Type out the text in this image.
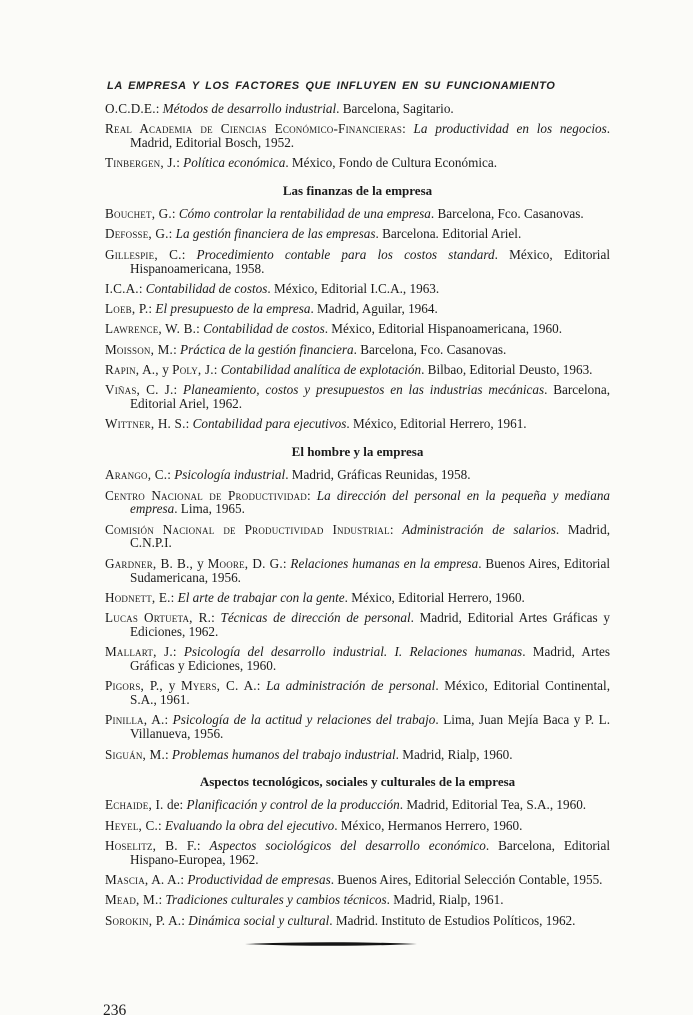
LA EMPRESA Y LOS FACTORES QUE INFLUYEN EN SU FUNCIONAMIENTO

O.C.D.E.: Métodos de desarrollo industrial. Barcelona, Sagitario.

Real Academia de Ciencias Económico-Financieras: La productividad en los negocios. Madrid, Editorial Bosch, 1952.

Tinbergen, J.: Política económica. México, Fondo de Cultura Económica.

Las finanzas de la empresa

Bouchet, G.: Cómo controlar la rentabilidad de una empresa. Barcelona, Fco. Casanovas.

Defosse, G.: La gestión financiera de las empresas. Barcelona. Editorial Ariel.

Gillespie, C.: Procedimiento contable para los costos standard. México, Editorial Hispanoamericana, 1958.

I.C.A.: Contabilidad de costos. México, Editorial I.C.A., 1963.

Loeb, P.: El presupuesto de la empresa. Madrid, Aguilar, 1964.

Lawrence, W. B.: Contabilidad de costos. México, Editorial Hispanoamericana, 1960.

Moisson, M.: Práctica de la gestión financiera. Barcelona, Fco. Casanovas.

Rapin, A., y Poly, J.: Contabilidad analítica de explotación. Bilbao, Editorial Deusto, 1963.

Viñas, C. J.: Planeamiento, costos y presupuestos en las industrias mecánicas. Barcelona, Editorial Ariel, 1962.

Wittner, H. S.: Contabilidad para ejecutivos. México, Editorial Herrero, 1961.

El hombre y la empresa

Arango, C.: Psicología industrial. Madrid, Gráficas Reunidas, 1958.

Centro Nacional de Productividad: La dirección del personal en la pequeña y mediana empresa. Lima, 1965.

Comisión Nacional de Productividad Industrial: Administración de salarios. Madrid, C.N.P.I.

Gardner, B. B., y Moore, D. G.: Relaciones humanas en la empresa. Buenos Aires, Editorial Sudamericana, 1956.

Hodnett, E.: El arte de trabajar con la gente. México, Editorial Herrero, 1960.

Lucas Ortueta, R.: Técnicas de dirección de personal. Madrid, Editorial Artes Gráficas y Ediciones, 1962.

Mallart, J.: Psicología del desarrollo industrial. I. Relaciones humanas. Madrid, Artes Gráficas y Ediciones, 1960.

Pigors, P., y Myers, C. A.: La administración de personal. México, Editorial Continental, S.A., 1961.

Pinilla, A.: Psicología de la actitud y relaciones del trabajo. Lima, Juan Mejía Baca y P. L. Villanueva, 1956.

Siguán, M.: Problemas humanos del trabajo industrial. Madrid, Rialp, 1960.

Aspectos tecnológicos, sociales y culturales de la empresa

Echaide, I. de: Planificación y control de la producción. Madrid, Editorial Tea, S.A., 1960.

Heyel, C.: Evaluando la obra del ejecutivo. México, Hermanos Herrero, 1960.

Hoselitz, B. F.: Aspectos sociológicos del desarrollo económico. Barcelona, Editorial Hispano-Europea, 1962.

Mascia, A. A.: Productividad de empresas. Buenos Aires, Editorial Selección Contable, 1955.

Mead, M.: Tradiciones culturales y cambios técnicos. Madrid, Rialp, 1961.

Sorokin, P. A.: Dinámica social y cultural. Madrid. Instituto de Estudios Políticos, 1962.

236
